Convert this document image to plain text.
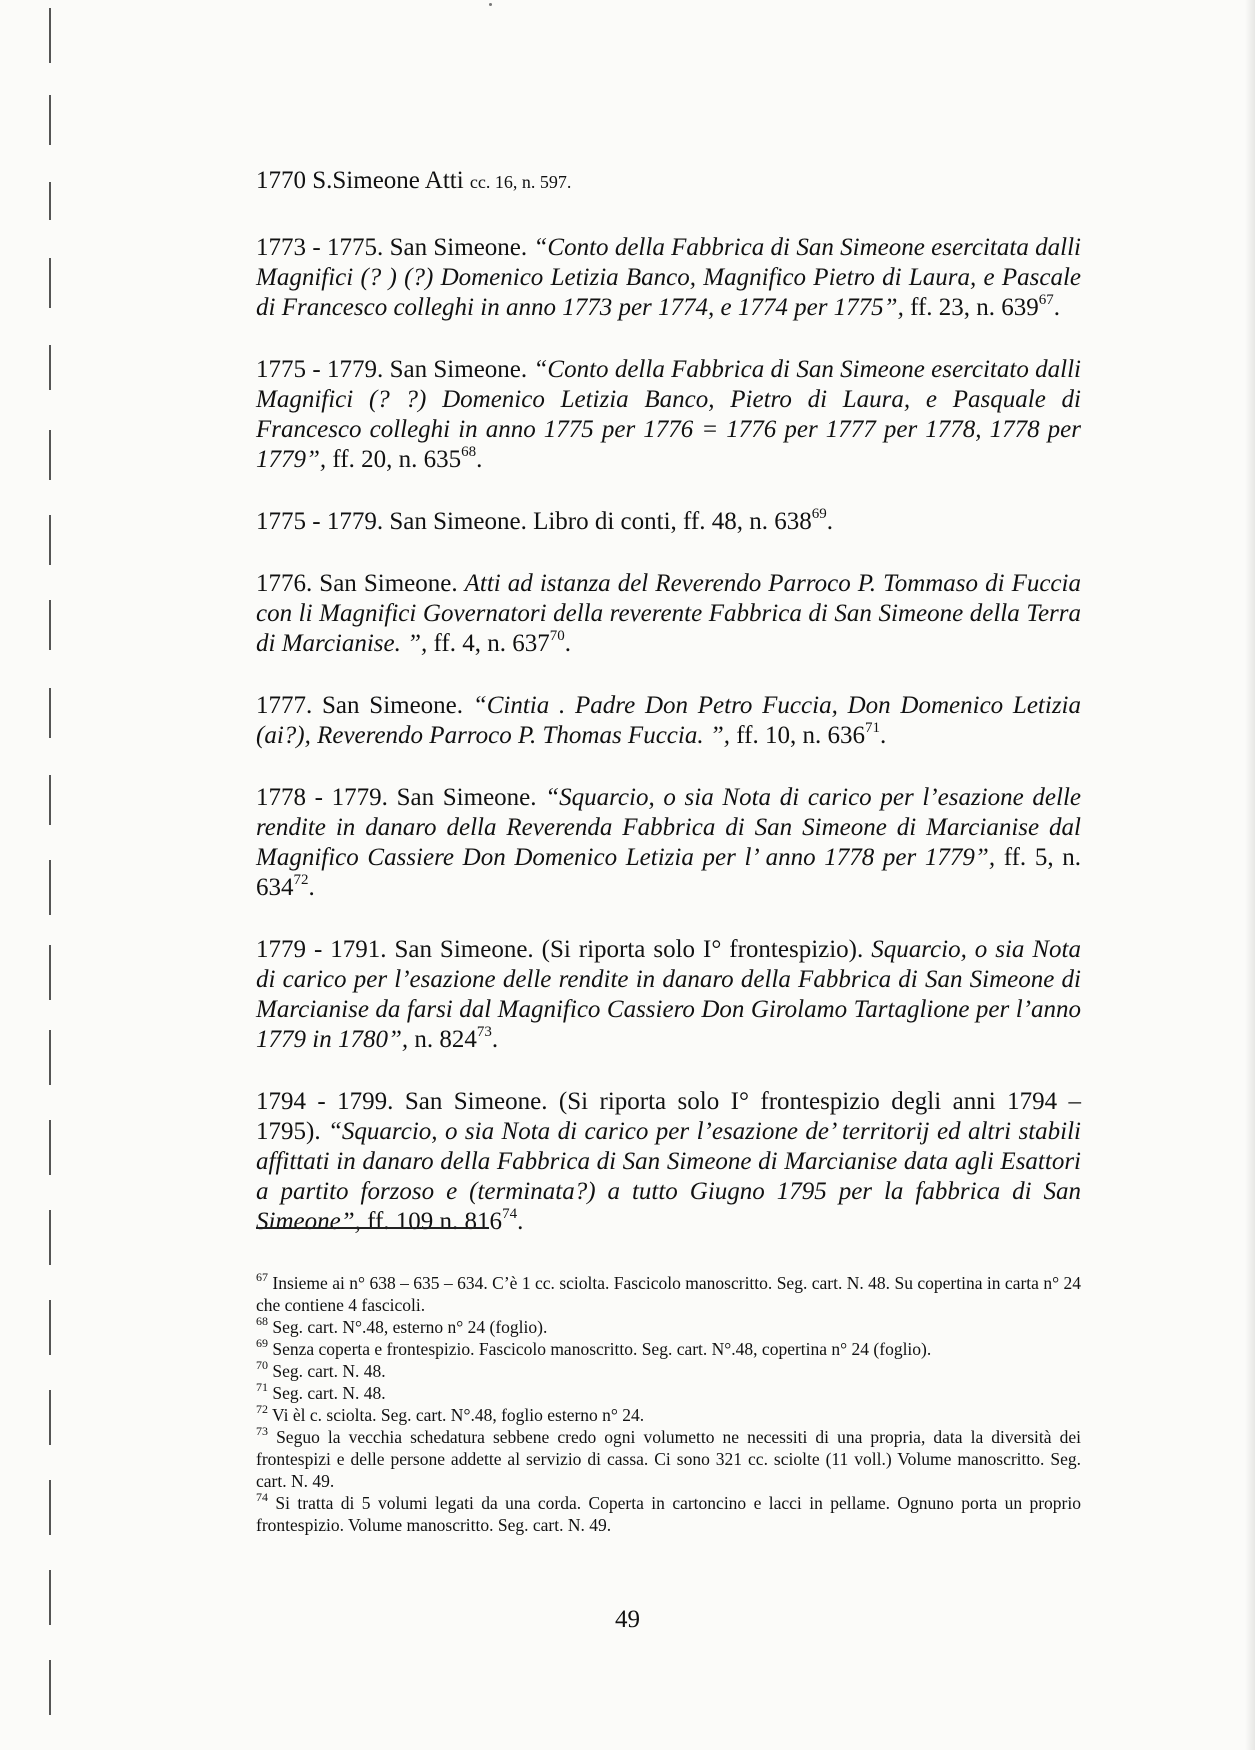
1770 S.Simeone Atti cc. 16, n. 597.

1773 - 1775. San Simeone. “Conto della Fabbrica di San Simeone esercitata dalli Magnifici (? ) (?) Domenico Letizia Banco, Magnifico Pietro di Laura, e Pascale di Francesco colleghi in anno 1773 per 1774, e 1774 per 1775”, ff. 23, n. $639^{67}$.

1775 - 1779. San Simeone. “Conto della Fabbrica di San Simeone esercitato dalli Magnifici (? ?) Domenico Letizia Banco, Pietro di Laura, e Pasquale di Francesco colleghi in anno 1775 per 1776 = 1776 per 1777 per 1778, 1778 per 1779”, ff. 20, n. $635^{68}$.

1775 - 1779. San Simeone. Libro di conti, ff. 48, n. $638^{69}$.

1776. San Simeone. Atti ad istanza del Reverendo Parroco P. Tommaso di Fuccia con li Magnifici Governatori della reverente Fabbrica di San Simeone della Terra di Marcianise. ”, ff. 4, n. $637^{70}$.

1777. San Simeone. “Cintia . Padre Don Petro Fuccia, Don Domenico Letizia (ai?), Reverendo Parroco P. Thomas Fuccia. ”, ff. 10, n. $636^{71}$.

1778 - 1779. San Simeone. “Squarcio, o sia Nota di carico per l’esazione delle rendite in danaro della Reverenda Fabbrica di San Simeone di Marcianise dal Magnifico Cassiere Don Domenico Letizia per l’ anno 1778 per 1779”, ff. 5, n. $634^{72}$.

1779 - 1791. San Simeone. (Si riporta solo I° frontespizio). Squarcio, o sia Nota di carico per l’esazione delle rendite in danaro della Fabbrica di San Simeone di Marcianise da farsi dal Magnifico Cassiero Don Girolamo Tartaglione per l’anno 1779 in 1780”, n. $824^{73}$.

1794 - 1799. San Simeone. (Si riporta solo I° frontespizio degli anni 1794 – 1795). “Squarcio, o sia Nota di carico per l’esazione de’ territorij ed altri stabili affittati in danaro della Fabbrica di San Simeone di Marcianise data agli Esattori a partito forzoso e (terminata?) a tutto Giugno 1795 per la fabbrica di San Simeone”, ff. 109 n. $816^{74}$.

$^{67}$ Insieme ai n° 638 – 635 – 634. C’è 1 cc. sciolta. Fascicolo manoscritto. Seg. cart. N. 48. Su copertina in carta n° 24 che contiene 4 fascicoli.
$^{68}$ Seg. cart. N°.48, esterno n° 24 (foglio).
$^{69}$ Senza coperta e frontespizio. Fascicolo manoscritto. Seg. cart. N°.48, copertina n° 24 (foglio).
$^{70}$ Seg. cart. N. 48.
$^{71}$ Seg. cart. N. 48.
$^{72}$ Vi èl c. sciolta. Seg. cart. N°.48, foglio esterno n° 24.
$^{73}$ Seguo la vecchia schedatura sebbene credo ogni volumetto ne necessiti di una propria, data la diversità dei frontespizi e delle persone addette al servizio di cassa. Ci sono 321 cc. sciolte (11 voll.) Volume manoscritto. Seg. cart. N. 49.
$^{74}$ Si tratta di 5 volumi legati da una corda. Coperta in cartoncino e lacci in pellame. Ognuno porta un proprio frontespizio. Volume manoscritto. Seg. cart. N. 49.
49
